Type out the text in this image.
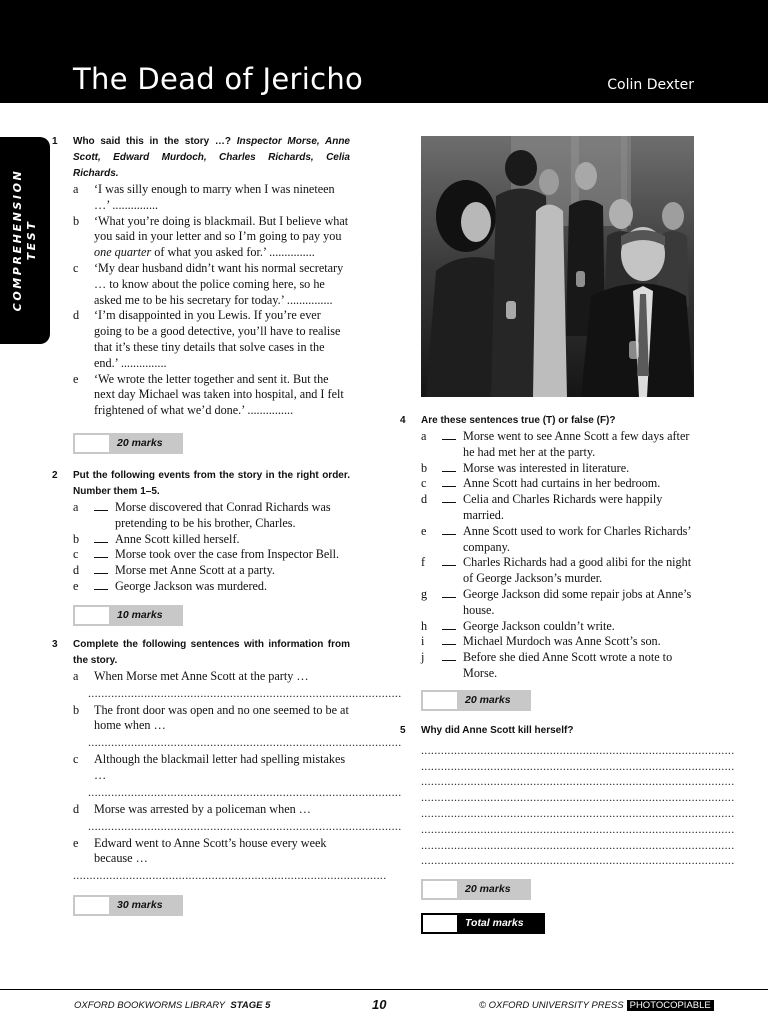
The Dead of Jericho	Colin Dexter
COMPREHENSION TEST
1	Who said this in the story …? Inspector Morse, Anne Scott, Edward Murdoch, Charles Richards, Celia Richards.
a	‘I was silly enough to marry when I was nineteen …’ ...............
b	‘What you’re doing is blackmail. But I believe what you said in your letter and so I’m going to pay you one quarter of what you asked for.’ ...............
c	‘My dear husband didn’t want his normal secretary … to know about the police coming here, so he asked me to be his secretary for today.’ ...............
d	‘I’m disappointed in you Lewis. If you’re ever going to be a good detective, you’ll have to realise that it’s these tiny details that solve cases in the end.’ ...............
e	‘We wrote the letter together and sent it. But the next day Michael was taken into hospital, and I felt frightened of what we’d done.’ ...............
20 marks
2	Put the following events from the story in the right order. Number them 1–5.
a	Morse discovered that Conrad Richards was pretending to be his brother, Charles.
b	Anne Scott killed herself.
c	Morse took over the case from Inspector Bell.
d	Morse met Anne Scott at a party.
e	George Jackson was murdered.
10 marks
3	Complete the following sentences with information from the story.
a	When Morse met Anne Scott at the party …
...............................................................................................
b	The front door was open and no one seemed to be at home when …
...............................................................................................
c	Although the blackmail letter had spelling mistakes …
...............................................................................................
d	Morse was arrested by a policeman when …
...............................................................................................
e	Edward went to Anne Scott’s house every week because …
...............................................................................................
30 marks
4	Are these sentences true (T) or false (F)?
a	Morse went to see Anne Scott a few days after he had met her at the party.
b	Morse was interested in literature.
c	Anne Scott had curtains in her bedroom.
d	Celia and Charles Richards were happily married.
e	Anne Scott used to work for Charles Richards’ company.
f	Charles Richards had a good alibi for the night of George Jackson’s murder.
g	George Jackson did some repair jobs at Anne’s house.
h	George Jackson couldn’t write.
i	Michael Murdoch was Anne Scott’s son.
j	Before she died Anne Scott wrote a note to Morse.
20 marks
5	Why did Anne Scott kill herself?
...............................................................................................
...............................................................................................
...............................................................................................
...............................................................................................
...............................................................................................
...............................................................................................
...............................................................................................
...............................................................................................
20 marks
Total marks
OXFORD BOOKWORMS LIBRARY STAGE 5	10	© OXFORD UNIVERSITY PRESS PHOTOCOPIABLE
